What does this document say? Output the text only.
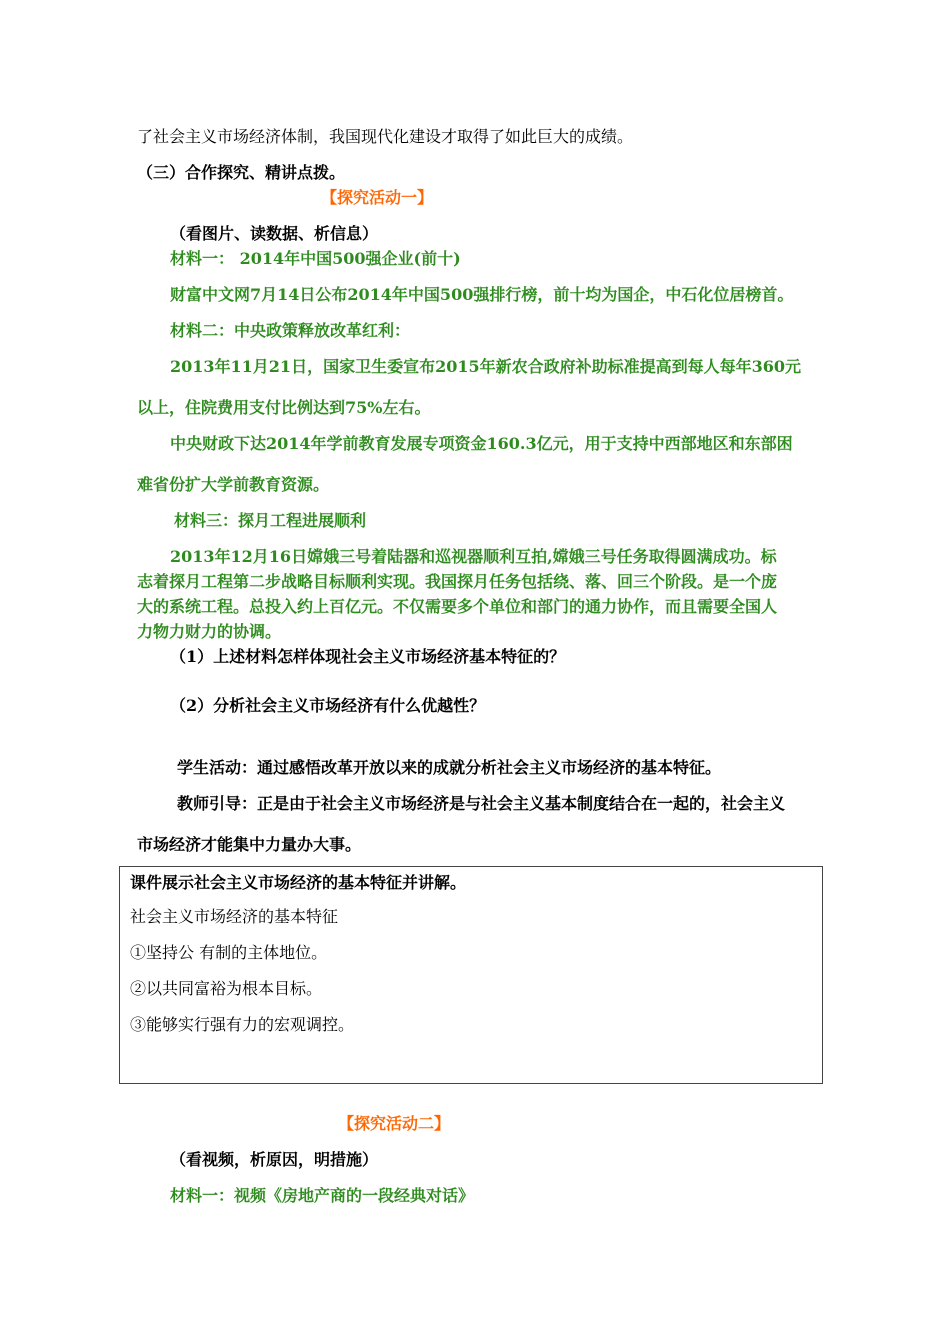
了社会主义市场经济体制，我国现代化建设才取得了如此巨大的成绩。
（三）合作探究、精讲点拨。
【探究活动一】
（看图片、读数据、析信息）
材料一： 2014年中国500强企业(前十)
财富中文网7月14日公布2014年中国500强排行榜，前十均为国企，中石化位居榜首。
材料二：中央政策释放改革红利：
2013年11月21日，国家卫生委宣布2015年新农合政府补助标准提高到每人每年360元
以上，住院费用支付比例达到75%左右。
中央财政下达2014年学前教育发展专项资金160.3亿元，用于支持中西部地区和东部困
难省份扩大学前教育资源。
材料三：探月工程进展顺利
2013年12月16日嫦娥三号着陆器和巡视器顺利互拍,嫦娥三号任务取得圆满成功。标
志着探月工程第二步战略目标顺利实现。我国探月任务包括绕、落、回三个阶段。是一个庞
大的系统工程。总投入约上百亿元。不仅需要多个单位和部门的通力协作，而且需要全国人
力物力财力的协调。
（1）上述材料怎样体现社会主义市场经济基本特征的？
（2）分析社会主义市场经济有什么优越性？
学生活动：通过感悟改革开放以来的成就分析社会主义市场经济的基本特征。
教师引导：正是由于社会主义市场经济是与社会主义基本制度结合在一起的，社会主义
市场经济才能集中力量办大事。
课件展示社会主义市场经济的基本特征并讲解。
社会主义市场经济的基本特征
①坚持公 有制的主体地位。
②以共同富裕为根本目标。
③能够实行强有力的宏观调控。
【探究活动二】
（看视频，析原因，明措施）
材料一：视频《房地产商的一段经典对话》
